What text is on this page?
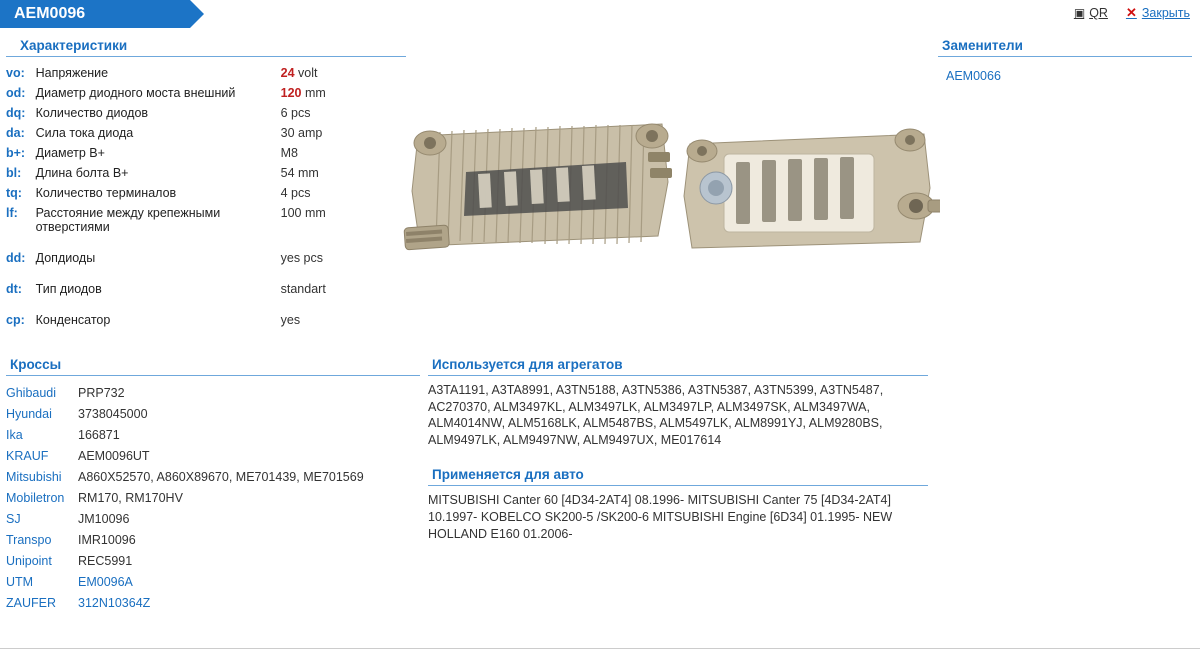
AEM0096	▣ QR ✕ Закрыть
Характеристики
vo:	Напряжение	24 volt
od:	Диаметр диодного моста внешний	120 mm
dq:	Количество диодов	6 pcs
da:	Сила тока диода	30 amp
b+:	Диаметр B+	M8
bl:	Длина болта B+	54 mm
tq:	Количество терминалов	4 pcs
lf:	Расстояние между крепежными отверстиями	100 mm
dd:	Допдиоды	yes pcs
dt:	Тип диодов	standart
cp:	Конденсатор	yes
Кроссы
Ghibaudi	PRP732
Hyundai	3738045000
Ika	166871
KRAUF	AEM0096UT
Mitsubishi	A860X52570, A860X89670, ME701439, ME701569
Mobiletron	RM170, RM170HV
SJ	JM10096
Transpo	IMR10096
Unipoint	REC5991
UTM	EM0096A
ZAUFER	312N10364Z
Используется для агрегатов
A3TA1191, A3TA8991, A3TN5188, A3TN5386, A3TN5387, A3TN5399, A3TN5487, AC270370, ALM3497KL, ALM3497LK, ALM3497LP, ALM3497SK, ALM3497WA, ALM4014NW, ALM5168LK, ALM5487BS, ALM5497LK, ALM8991YJ, ALM9280BS, ALM9497LK, ALM9497NW, ALM9497UX, ME017614
Применяется для авто
MITSUBISHI Canter 60 [4D34-2AT4] 08.1996- MITSUBISHI Canter 75 [4D34-2AT4] 10.1997- KOBELCO SK200-5 /SK200-6 MITSUBISHI Engine [6D34] 01.1995- NEW HOLLAND E160 01.2006-
Заменители
AEM0066
